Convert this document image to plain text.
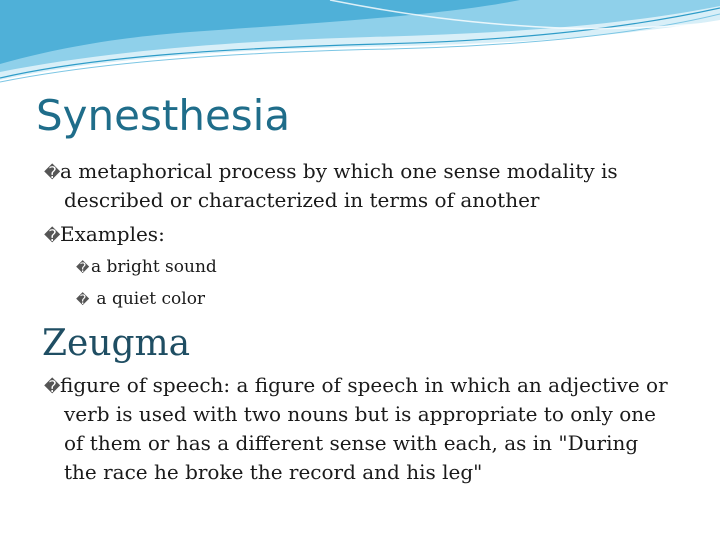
Synesthesia
� a metaphorical process by which one sense modality is
described or characterized in terms of another
� Examples:
� a bright sound
� a quiet color
Zeugma
� figure of speech: a figure of speech in which an adjective or
verb is used with two nouns but is appropriate to only one
of them or has a different sense with each, as in "During
the race he broke the record and his leg"
